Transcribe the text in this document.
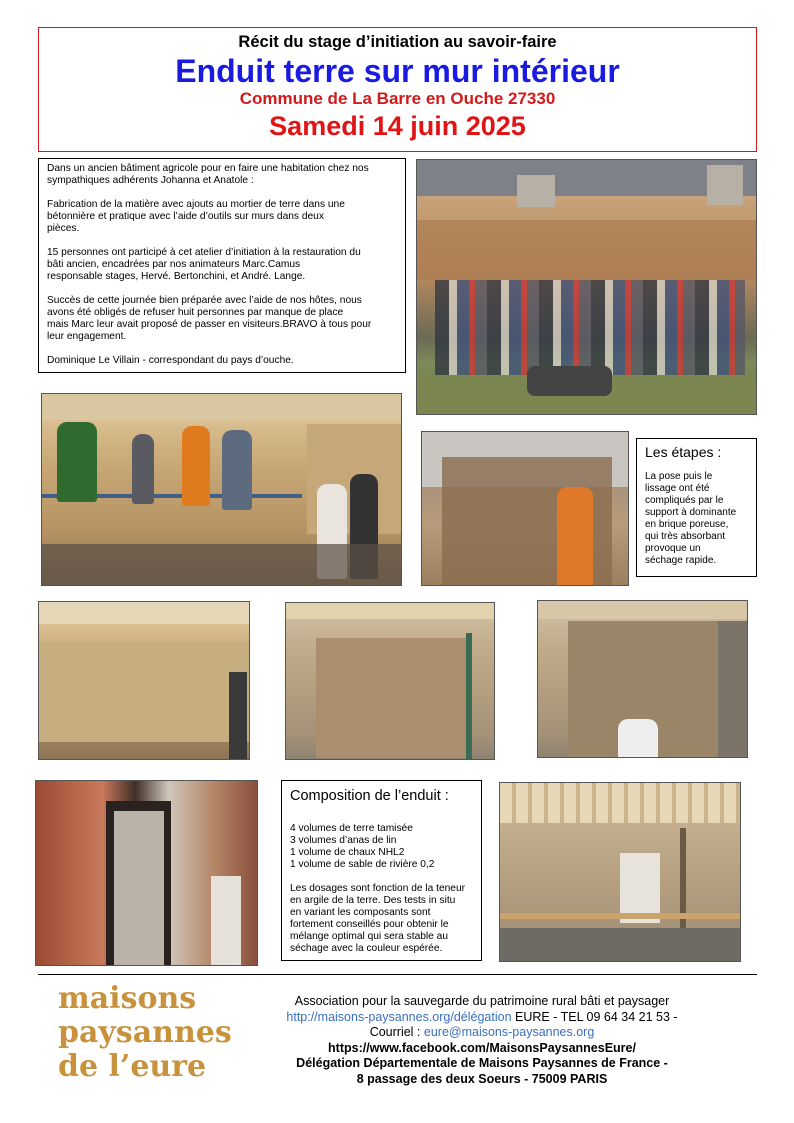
Récit du stage d’initiation au savoir-faire
Enduit terre sur mur intérieur
Commune de La Barre en Ouche 27330
Samedi 14 juin 2025

Dans un ancien bâtiment agricole pour en faire une habitation chez nos
sympathiques adhérents Johanna et Anatole :

Fabrication de la matière avec ajouts au mortier de terre dans une
bétonnière et pratique avec l’aide d’outils sur murs dans deux
pièces.

15 personnes ont participé à cet atelier d’initiation à la restauration du
bâti ancien, encadrées par nos animateurs Marc.Camus
responsable stages, Hervé. Bertonchini, et André. Lange.

Succès de cette journée bien préparée avec l’aide de nos hôtes, nous
avons été obligés de refuser huit personnes par manque de place
mais Marc leur avait proposé de passer en visiteurs.BRAVO à tous pour
leur engagement.

Dominique Le Villain - correspondant du pays d’ouche.

Les étapes :
La pose puis le
lissage ont été
compliqués par le
support à dominante
en brique poreuse,
qui très absorbant
provoque un
séchage rapide.
Composition de l’enduit :
4 volumes de terre tamisée
3 volumes d’anas de lin
1 volume de chaux NHL2
1 volume de sable de rivière 0,2
Les dosages sont fonction de la teneur
en argile de la terre. Des tests in situ
en variant les composants sont
fortement conseillés pour obtenir le
mélange optimal qui sera stable au
séchage avec la couleur espérée.
maisons
paysannes
de l’eure
Association pour la sauvegarde du patrimoine rural bâti et paysager
http://maisons-paysannes.org/délégation EURE - TEL 09 64 34 21 53 -
Courriel : eure@maisons-paysannes.org
https://www.facebook.com/MaisonsPaysannesEure/
Délégation Départementale de Maisons Paysannes de France -
8 passage des deux Soeurs - 75009 PARIS
